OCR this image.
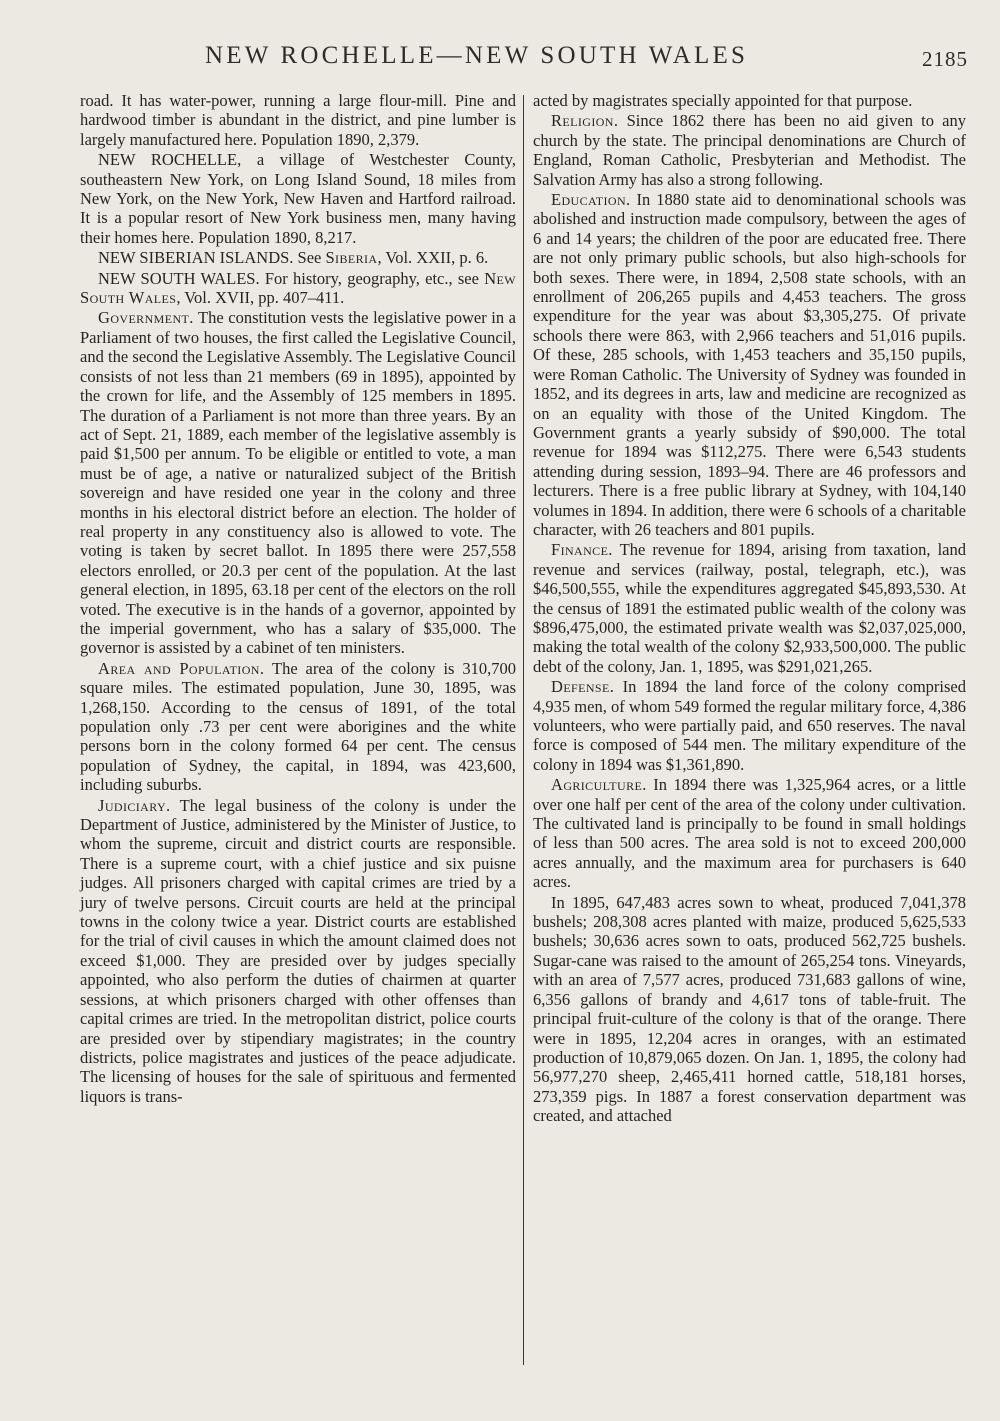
NEW ROCHELLE—NEW SOUTH WALES	2185

road. It has water-power, running a large flour-mill. Pine and hardwood timber is abundant in the district, and pine lumber is largely manufactured here. Population 1890, 2,379.

NEW ROCHELLE, a village of Westchester County, southeastern New York, on Long Island Sound, 18 miles from New York, on the New York, New Haven and Hartford railroad. It is a popular resort of New York business men, many having their homes here. Population 1890, 8,217.

NEW SIBERIAN ISLANDS. See Siberia, Vol. XXII, p. 6.

NEW SOUTH WALES. For history, geography, etc., see New South Wales, Vol. XVII, pp. 407–411.

Government. The constitution vests the legislative power in a Parliament of two houses, the first called the Legislative Council, and the second the Legislative Assembly. The Legislative Council consists of not less than 21 members (69 in 1895), appointed by the crown for life, and the Assembly of 125 members in 1895. The duration of a Parliament is not more than three years. By an act of Sept. 21, 1889, each member of the legislative assembly is paid $1,500 per annum. To be eligible or entitled to vote, a man must be of age, a native or naturalized subject of the British sovereign and have resided one year in the colony and three months in his electoral district before an election. The holder of real property in any constituency also is allowed to vote. The voting is taken by secret ballot. In 1895 there were 257,558 electors enrolled, or 20.3 per cent of the population. At the last general election, in 1895, 63.18 per cent of the electors on the roll voted. The executive is in the hands of a governor, appointed by the imperial government, who has a salary of $35,000. The governor is assisted by a cabinet of ten ministers.

Area and Population. The area of the colony is 310,700 square miles. The estimated population, June 30, 1895, was 1,268,150. According to the census of 1891, of the total population only .73 per cent were aborigines and the white persons born in the colony formed 64 per cent. The census population of Sydney, the capital, in 1894, was 423,600, including suburbs.

Judiciary. The legal business of the colony is under the Department of Justice, administered by the Minister of Justice, to whom the supreme, circuit and district courts are responsible. There is a supreme court, with a chief justice and six puisne judges. All prisoners charged with capital crimes are tried by a jury of twelve persons. Circuit courts are held at the principal towns in the colony twice a year. District courts are established for the trial of civil causes in which the amount claimed does not exceed $1,000. They are presided over by judges specially appointed, who also perform the duties of chairmen at quarter sessions, at which prisoners charged with other offenses than capital crimes are tried. In the metropolitan district, police courts are presided over by stipendiary magistrates; in the country districts, police magistrates and justices of the peace adjudicate. The licensing of houses for the sale of spirituous and fermented liquors is trans-

acted by magistrates specially appointed for that purpose.

Religion. Since 1862 there has been no aid given to any church by the state. The principal denominations are Church of England, Roman Catholic, Presbyterian and Methodist. The Salvation Army has also a strong following.

Education. In 1880 state aid to denominational schools was abolished and instruction made compulsory, between the ages of 6 and 14 years; the children of the poor are educated free. There are not only primary public schools, but also high-schools for both sexes. There were, in 1894, 2,508 state schools, with an enrollment of 206,265 pupils and 4,453 teachers. The gross expenditure for the year was about $3,305,275. Of private schools there were 863, with 2,966 teachers and 51,016 pupils. Of these, 285 schools, with 1,453 teachers and 35,150 pupils, were Roman Catholic. The University of Sydney was founded in 1852, and its degrees in arts, law and medicine are recognized as on an equality with those of the United Kingdom. The Government grants a yearly subsidy of $90,000. The total revenue for 1894 was $112,275. There were 6,543 students attending during session, 1893–94. There are 46 professors and lecturers. There is a free public library at Sydney, with 104,140 volumes in 1894. In addition, there were 6 schools of a charitable character, with 26 teachers and 801 pupils.

Finance. The revenue for 1894, arising from taxation, land revenue and services (railway, postal, telegraph, etc.), was $46,500,555, while the expenditures aggregated $45,893,530. At the census of 1891 the estimated public wealth of the colony was $896,475,000, the estimated private wealth was $2,037,025,000, making the total wealth of the colony $2,933,500,000. The public debt of the colony, Jan. 1, 1895, was $291,021,265.

Defense. In 1894 the land force of the colony comprised 4,935 men, of whom 549 formed the regular military force, 4,386 volunteers, who were partially paid, and 650 reserves. The naval force is composed of 544 men. The military expenditure of the colony in 1894 was $1,361,890.

Agriculture. In 1894 there was 1,325,964 acres, or a little over one half per cent of the area of the colony under cultivation. The cultivated land is principally to be found in small holdings of less than 500 acres. The area sold is not to exceed 200,000 acres annually, and the maximum area for purchasers is 640 acres.

In 1895, 647,483 acres sown to wheat, produced 7,041,378 bushels; 208,308 acres planted with maize, produced 5,625,533 bushels; 30,636 acres sown to oats, produced 562,725 bushels. Sugar-cane was raised to the amount of 265,254 tons. Vineyards, with an area of 7,577 acres, produced 731,683 gallons of wine, 6,356 gallons of brandy and 4,617 tons of table-fruit. The principal fruit-culture of the colony is that of the orange. There were in 1895, 12,204 acres in oranges, with an estimated production of 10,879,065 dozen. On Jan. 1, 1895, the colony had 56,977,270 sheep, 2,465,411 horned cattle, 518,181 horses, 273,359 pigs. In 1887 a forest conservation department was created, and attached
